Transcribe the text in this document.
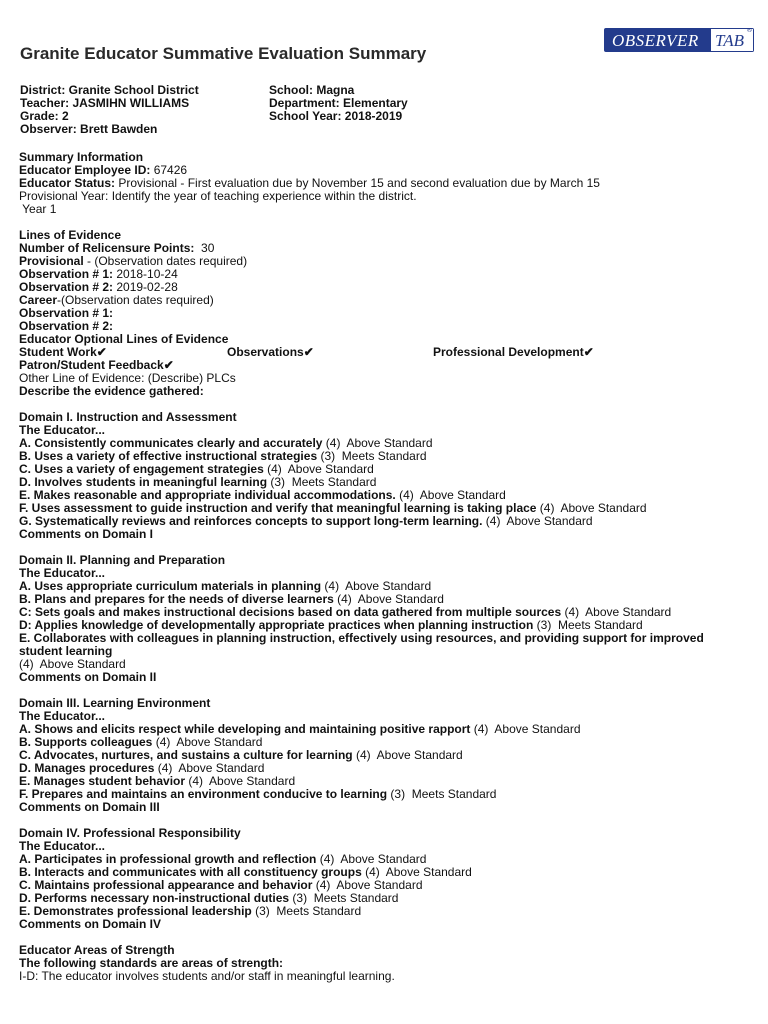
Granite Educator Summative Evaluation Summary
OBSERVER TAB
®
District: Granite School District
Teacher: JASMIHN WILLIAMS
Grade: 2
Observer: Brett Bawden
School: Magna
Department: Elementary
School Year: 2018-2019
Summary Information
Educator Employee ID: 67426
Educator Status: Provisional - First evaluation due by November 15 and second evaluation due by March 15
Provisional Year: Identify the year of teaching experience within the district.
Year 1
Lines of Evidence
Number of Relicensure Points:  30
Provisional - (Observation dates required)
Observation # 1: 2018-10-24
Observation # 2: 2019-02-28
Career-(Observation dates required)
Observation # 1:
Observation # 2:
Educator Optional Lines of Evidence
Student Work✔	Observations✔	Professional Development✔
Patron/Student Feedback✔
Other Line of Evidence: (Describe) PLCs
Describe the evidence gathered:
Domain I. Instruction and Assessment
The Educator...
A. Consistently communicates clearly and accurately (4)  Above Standard
B. Uses a variety of effective instructional strategies (3)  Meets Standard
C. Uses a variety of engagement strategies (4)  Above Standard
D. Involves students in meaningful learning (3)  Meets Standard
E. Makes reasonable and appropriate individual accommodations. (4)  Above Standard
F. Uses assessment to guide instruction and verify that meaningful learning is taking place (4)  Above Standard
G. Systematically reviews and reinforces concepts to support long-term learning. (4)  Above Standard
Comments on Domain I
Domain II. Planning and Preparation
The Educator...
A. Uses appropriate curriculum materials in planning (4)  Above Standard
B. Plans and prepares for the needs of diverse learners (4)  Above Standard
C: Sets goals and makes instructional decisions based on data gathered from multiple sources (4)  Above Standard
D: Applies knowledge of developmentally appropriate practices when planning instruction (3)  Meets Standard
E. Collaborates with colleagues in planning instruction, effectively using resources, and providing support for improved student learning
(4)  Above Standard
Comments on Domain II
Domain III. Learning Environment
The Educator...
A. Shows and elicits respect while developing and maintaining positive rapport (4)  Above Standard
B. Supports colleagues (4)  Above Standard
C. Advocates, nurtures, and sustains a culture for learning (4)  Above Standard
D. Manages procedures (4)  Above Standard
E. Manages student behavior (4)  Above Standard
F. Prepares and maintains an environment conducive to learning (3)  Meets Standard
Comments on Domain III
Domain IV. Professional Responsibility
The Educator...
A. Participates in professional growth and reflection (4)  Above Standard
B. Interacts and communicates with all constituency groups (4)  Above Standard
C. Maintains professional appearance and behavior (4)  Above Standard
D. Performs necessary non-instructional duties (3)  Meets Standard
E. Demonstrates professional leadership (3)  Meets Standard
Comments on Domain IV
Educator Areas of Strength
The following standards are areas of strength:
I-D: The educator involves students and/or staff in meaningful learning.
